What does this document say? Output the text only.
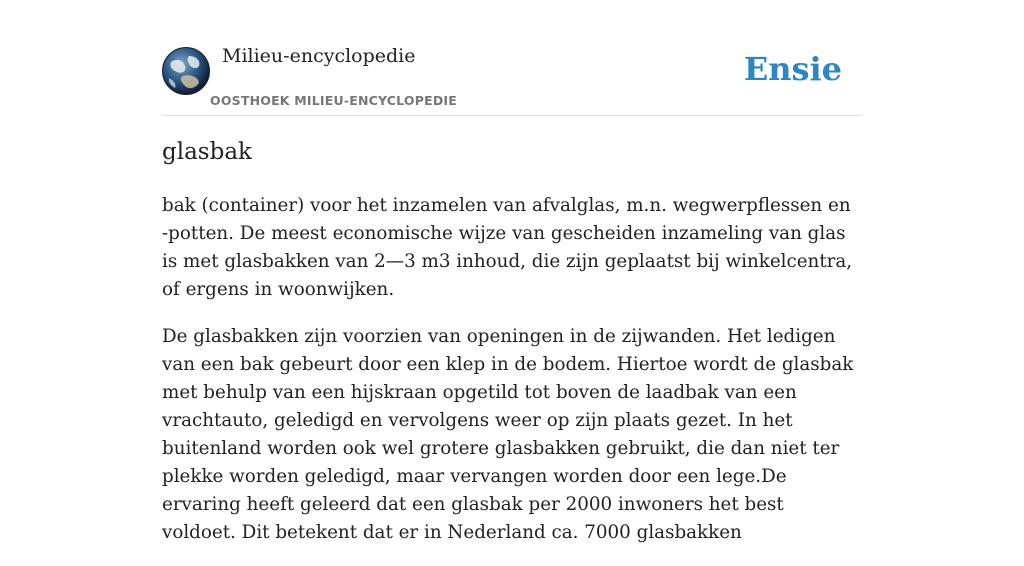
Milieu-encyclopedie
OOSTHOEK MILIEU-ENCYCLOPEDIE
Ensie
glasbak

bak (container) voor het inzamelen van afvalglas, m.n. wegwerpflessen en -potten. De meest economische wijze van gescheiden inzameling van glas is met glasbakken van 2—3 m3 inhoud, die zijn geplaatst bij winkelcentra, of ergens in woonwijken.

De glasbakken zijn voorzien van openingen in de zijwanden. Het ledigen van een bak gebeurt door een klep in de bodem. Hiertoe wordt de glasbak met behulp van een hijskraan opgetild tot boven de laadbak van een vrachtauto, geledigd en vervolgens weer op zijn plaats gezet. In het buitenland worden ook wel grotere glasbakken gebruikt, die dan niet ter plekke worden geledigd, maar vervangen worden door een lege.De ervaring heeft geleerd dat een glasbak per 2000 inwoners het best voldoet. Dit betekent dat er in Nederland ca. 7000 glasbakken
